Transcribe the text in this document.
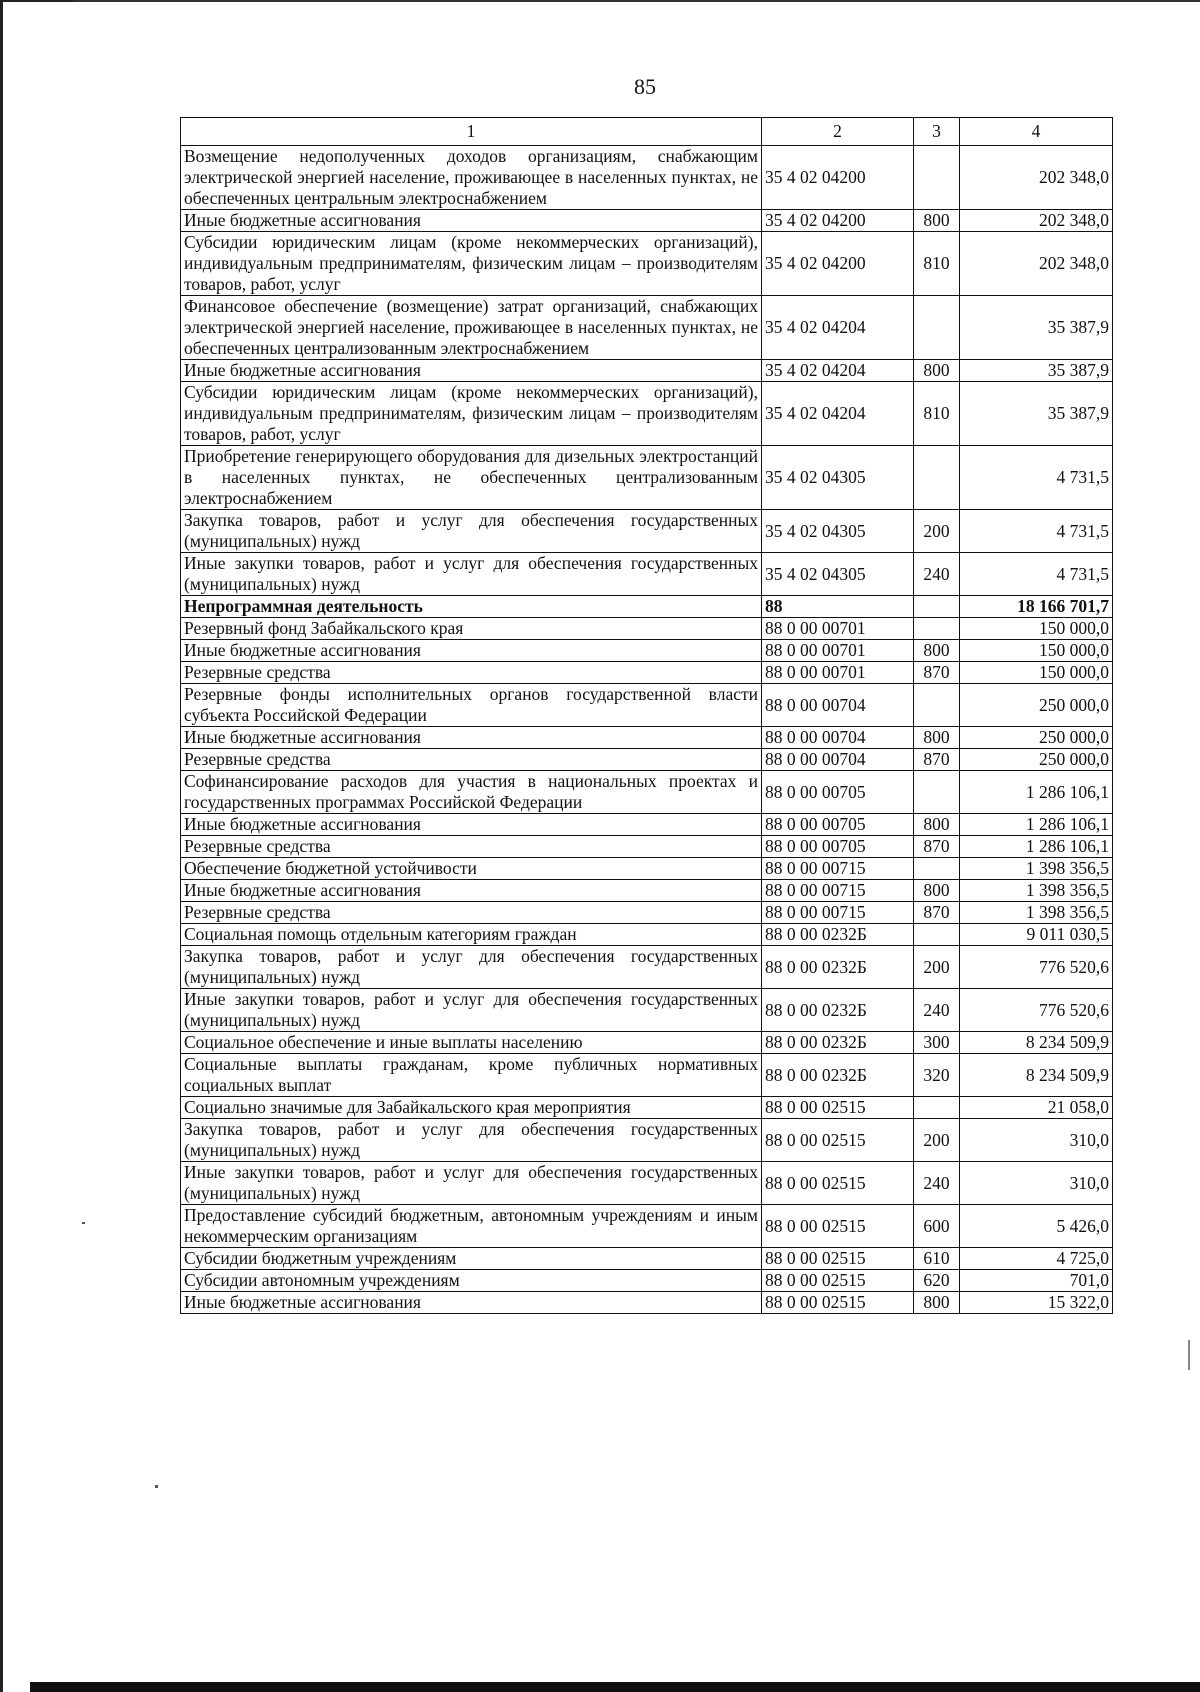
85
1	2	3	4
Возмещение недополученных доходов организациям, снабжающим электрической энергией население, проживающее в населенных пунктах, не обеспеченных центральным электроснабжением	35 4 02 04200		202 348,0
Иные бюджетные ассигнования	35 4 02 04200	800	202 348,0
Субсидии юридическим лицам (кроме некоммерческих организаций), индивидуальным предпринимателям, физическим лицам – производителям товаров, работ, услуг	35 4 02 04200	810	202 348,0
Финансовое обеспечение (возмещение) затрат организаций, снабжающих электрической энергией население, проживающее в населенных пунктах, не обеспеченных централизованным электроснабжением	35 4 02 04204		35 387,9
Иные бюджетные ассигнования	35 4 02 04204	800	35 387,9
Субсидии юридическим лицам (кроме некоммерческих организаций), индивидуальным предпринимателям, физическим лицам – производителям товаров, работ, услуг	35 4 02 04204	810	35 387,9
Приобретение генерирующего оборудования для дизельных электростанций в населенных пунктах, не обеспеченных централизованным электроснабжением	35 4 02 04305		4 731,5
Закупка товаров, работ и услуг для обеспечения государственных (муниципальных) нужд	35 4 02 04305	200	4 731,5
Иные закупки товаров, работ и услуг для обеспечения государственных (муниципальных) нужд	35 4 02 04305	240	4 731,5
Непрограммная деятельность	88		18 166 701,7
Резервный фонд Забайкальского края	88 0 00 00701		150 000,0
Иные бюджетные ассигнования	88 0 00 00701	800	150 000,0
Резервные средства	88 0 00 00701	870	150 000,0
Резервные фонды исполнительных органов государственной власти субъекта Российской Федерации	88 0 00 00704		250 000,0
Иные бюджетные ассигнования	88 0 00 00704	800	250 000,0
Резервные средства	88 0 00 00704	870	250 000,0
Софинансирование расходов для участия в национальных проектах и государственных программах Российской Федерации	88 0 00 00705		1 286 106,1
Иные бюджетные ассигнования	88 0 00 00705	800	1 286 106,1
Резервные средства	88 0 00 00705	870	1 286 106,1
Обеспечение бюджетной устойчивости	88 0 00 00715		1 398 356,5
Иные бюджетные ассигнования	88 0 00 00715	800	1 398 356,5
Резервные средства	88 0 00 00715	870	1 398 356,5
Социальная помощь отдельным категориям граждан	88 0 00 0232Б		9 011 030,5
Закупка товаров, работ и услуг для обеспечения государственных (муниципальных) нужд	88 0 00 0232Б	200	776 520,6
Иные закупки товаров, работ и услуг для обеспечения государственных (муниципальных) нужд	88 0 00 0232Б	240	776 520,6
Социальное обеспечение и иные выплаты населению	88 0 00 0232Б	300	8 234 509,9
Социальные выплаты гражданам, кроме публичных нормативных социальных выплат	88 0 00 0232Б	320	8 234 509,9
Социально значимые для Забайкальского края мероприятия	88 0 00 02515		21 058,0
Закупка товаров, работ и услуг для обеспечения государственных (муниципальных) нужд	88 0 00 02515	200	310,0
Иные закупки товаров, работ и услуг для обеспечения государственных (муниципальных) нужд	88 0 00 02515	240	310,0
Предоставление субсидий бюджетным, автономным учреждениям и иным некоммерческим организациям	88 0 00 02515	600	5 426,0
Субсидии бюджетным учреждениям	88 0 00 02515	610	4 725,0
Субсидии автономным учреждениям	88 0 00 02515	620	701,0
Иные бюджетные ассигнования	88 0 00 02515	800	15 322,0
